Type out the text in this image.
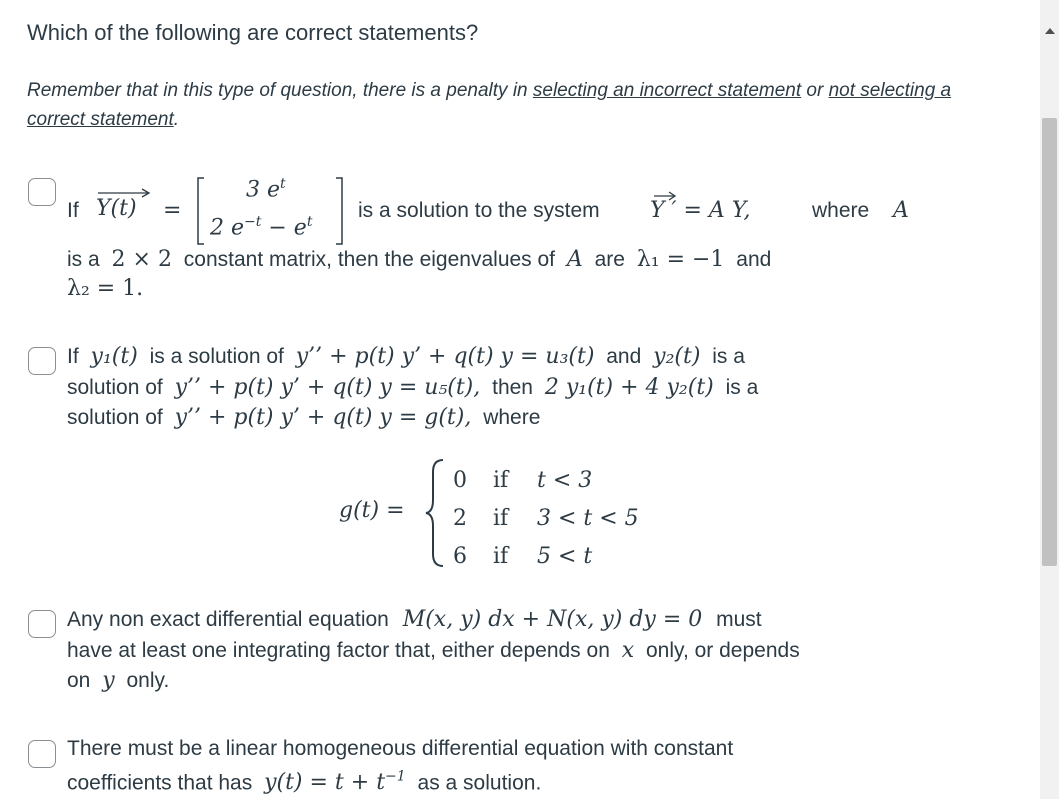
Which of the following are correct statements?
Remember that in this type of question, there is a penalty in selecting an incorrect statement or not selecting a correct statement.
If Y(t) =
3 $e^t$
2 $e^{-t} - e^t$ is a solution to the system Y ′ = A Y,	where A
is a 2 × 2 constant matrix, then the eigenvalues of A are λ₁ = −1 and
λ₂ = 1.
If y₁(t) is a solution of y’’ + p(t) y’ + q(t) y = u₃(t) and y₂(t) is a
solution of y’’ + p(t) y’ + q(t) y = u₅(t), then 2 y₁(t) + 4 y₂(t) is a
solution of y’’ + p(t) y’ + q(t) y = g(t), where
g(t) =
0 if t < 3
2 if 3 < t < 5
6 if 5 < t
Any non exact differential equation M(x, y) dx + N(x, y) dy = 0 must
have at least one integrating factor that, either depends on x only, or depends
on y only.
There must be a linear homogeneous differential equation with constant
coefficients that has $y(t) = t + t^{-1}$ as a solution.
